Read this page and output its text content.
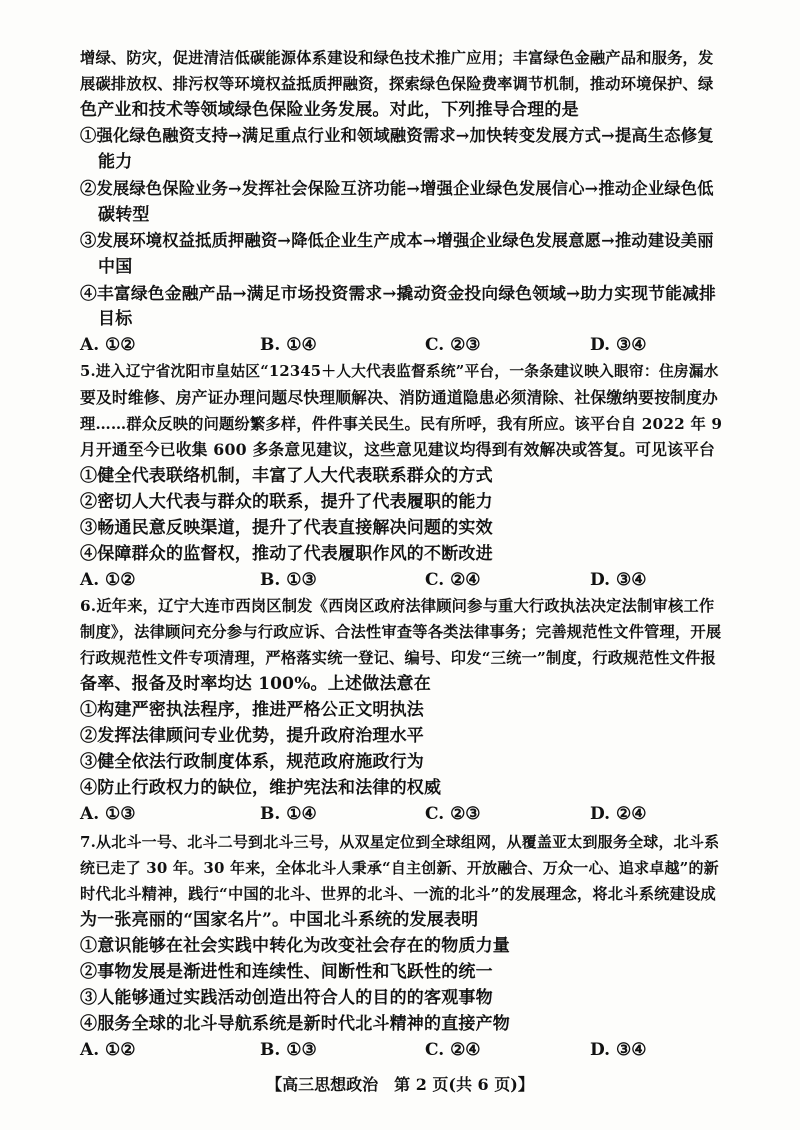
增绿、防灾，促进清洁低碳能源体系建设和绿色技术推广应用；丰富绿色金融产品和服务，发
展碳排放权、排污权等环境权益抵质押融资，探索绿色保险费率调节机制，推动环境保护、绿
色产业和技术等领域绿色保险业务发展。对此，下列推导合理的是
①强化绿色融资支持→满足重点行业和领域融资需求→加快转变发展方式→提高生态修复
能力
②发展绿色保险业务→发挥社会保险互济功能→增强企业绿色发展信心→推动企业绿色低
碳转型
③发展环境权益抵质押融资→降低企业生产成本→增强企业绿色发展意愿→推动建设美丽
中国
④丰富绿色金融产品→满足市场投资需求→撬动资金投向绿色领域→助力实现节能减排
目标
A. ①②	B. ①④	C. ②③	D. ③④
5.进入辽宁省沈阳市皇姑区“12345＋人大代表监督系统”平台，一条条建议映入眼帘：住房漏水
要及时维修、房产证办理问题尽快理顺解决、消防通道隐患必须清除、社保缴纳要按制度办
理……群众反映的问题纷繁多样，件件事关民生。民有所呼，我有所应。该平台自 2022 年 9
月开通至今已收集 600 多条意见建议，这些意见建议均得到有效解决或答复。可见该平台
①健全代表联络机制，丰富了人大代表联系群众的方式
②密切人大代表与群众的联系，提升了代表履职的能力
③畅通民意反映渠道，提升了代表直接解决问题的实效
④保障群众的监督权，推动了代表履职作风的不断改进
A. ①②	B. ①③	C. ②④	D. ③④
6.近年来，辽宁大连市西岗区制发《西岗区政府法律顾问参与重大行政执法决定法制审核工作
制度》，法律顾问充分参与行政应诉、合法性审查等各类法律事务；完善规范性文件管理，开展
行政规范性文件专项清理，严格落实统一登记、编号、印发“三统一”制度，行政规范性文件报
备率、报备及时率均达 100%。上述做法意在
①构建严密执法程序，推进严格公正文明执法
②发挥法律顾问专业优势，提升政府治理水平
③健全依法行政制度体系，规范政府施政行为
④防止行政权力的缺位，维护宪法和法律的权威
A. ①③	B. ①④	C. ②③	D. ②④
7.从北斗一号、北斗二号到北斗三号，从双星定位到全球组网，从覆盖亚太到服务全球，北斗系
统已走了 30 年。30 年来，全体北斗人秉承“自主创新、开放融合、万众一心、追求卓越”的新
时代北斗精神，践行“中国的北斗、世界的北斗、一流的北斗”的发展理念，将北斗系统建设成
为一张亮丽的“国家名片”。中国北斗系统的发展表明
①意识能够在社会实践中转化为改变社会存在的物质力量
②事物发展是渐进性和连续性、间断性和飞跃性的统一
③人能够通过实践活动创造出符合人的目的的客观事物
④服务全球的北斗导航系统是新时代北斗精神的直接产物
A. ①②	B. ①③	C. ②④	D. ③④
【高三思想政治　第 2 页(共 6 页)】
